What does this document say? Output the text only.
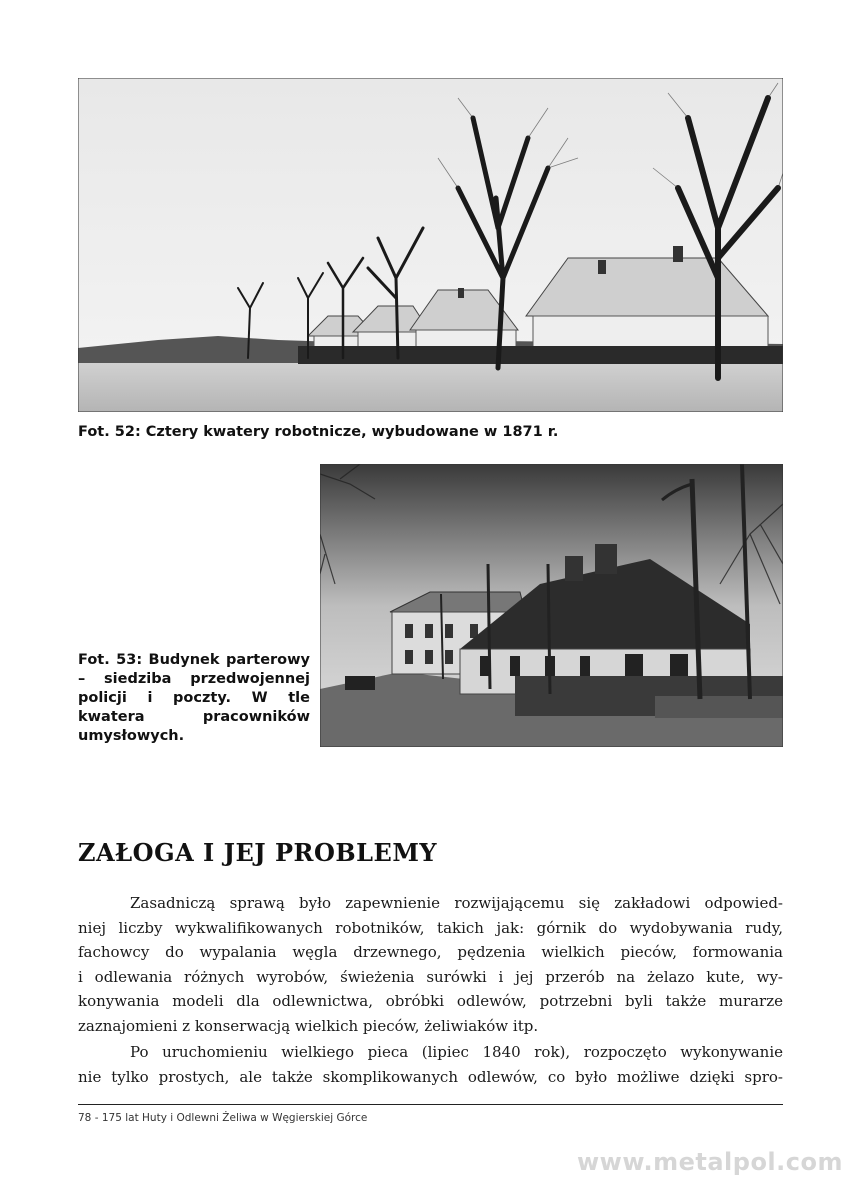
Fot. 52: Cztery kwatery robotnicze, wybudowane w 1871 r.
Fot. 53: Budynek parterowy – siedziba przedwojennej policji i poczty. W tle kwatera pracowników umysłowych.
ZAŁOGA I JEJ PROBLEMY

Zasadniczą sprawą było zapewnienie rozwijającemu się zakładowi odpowied-
niej liczby wykwalifikowanych robotników, takich jak: górnik do wydobywania rudy,
fachowcy do wypalania węgla drzewnego, pędzenia wielkich pieców, formowania
i odlewania różnych wyrobów, świeżenia surówki i jej przerób na żelazo kute, wy-
konywania modeli dla odlewnictwa, obróbki odlewów, potrzebni byli także murarze
zaznajomieni z konserwacją wielkich pieców, żeliwiaków itp.

Po uruchomieniu wielkiego pieca (lipiec 1840 rok), rozpoczęto wykonywanie
nie tylko prostych, ale także skomplikowanych odlewów, co było możliwe dzięki spro-

78 - 175 lat Huty i Odlewni Żeliwa w Węgierskiej Górce
www.metalpol.com
